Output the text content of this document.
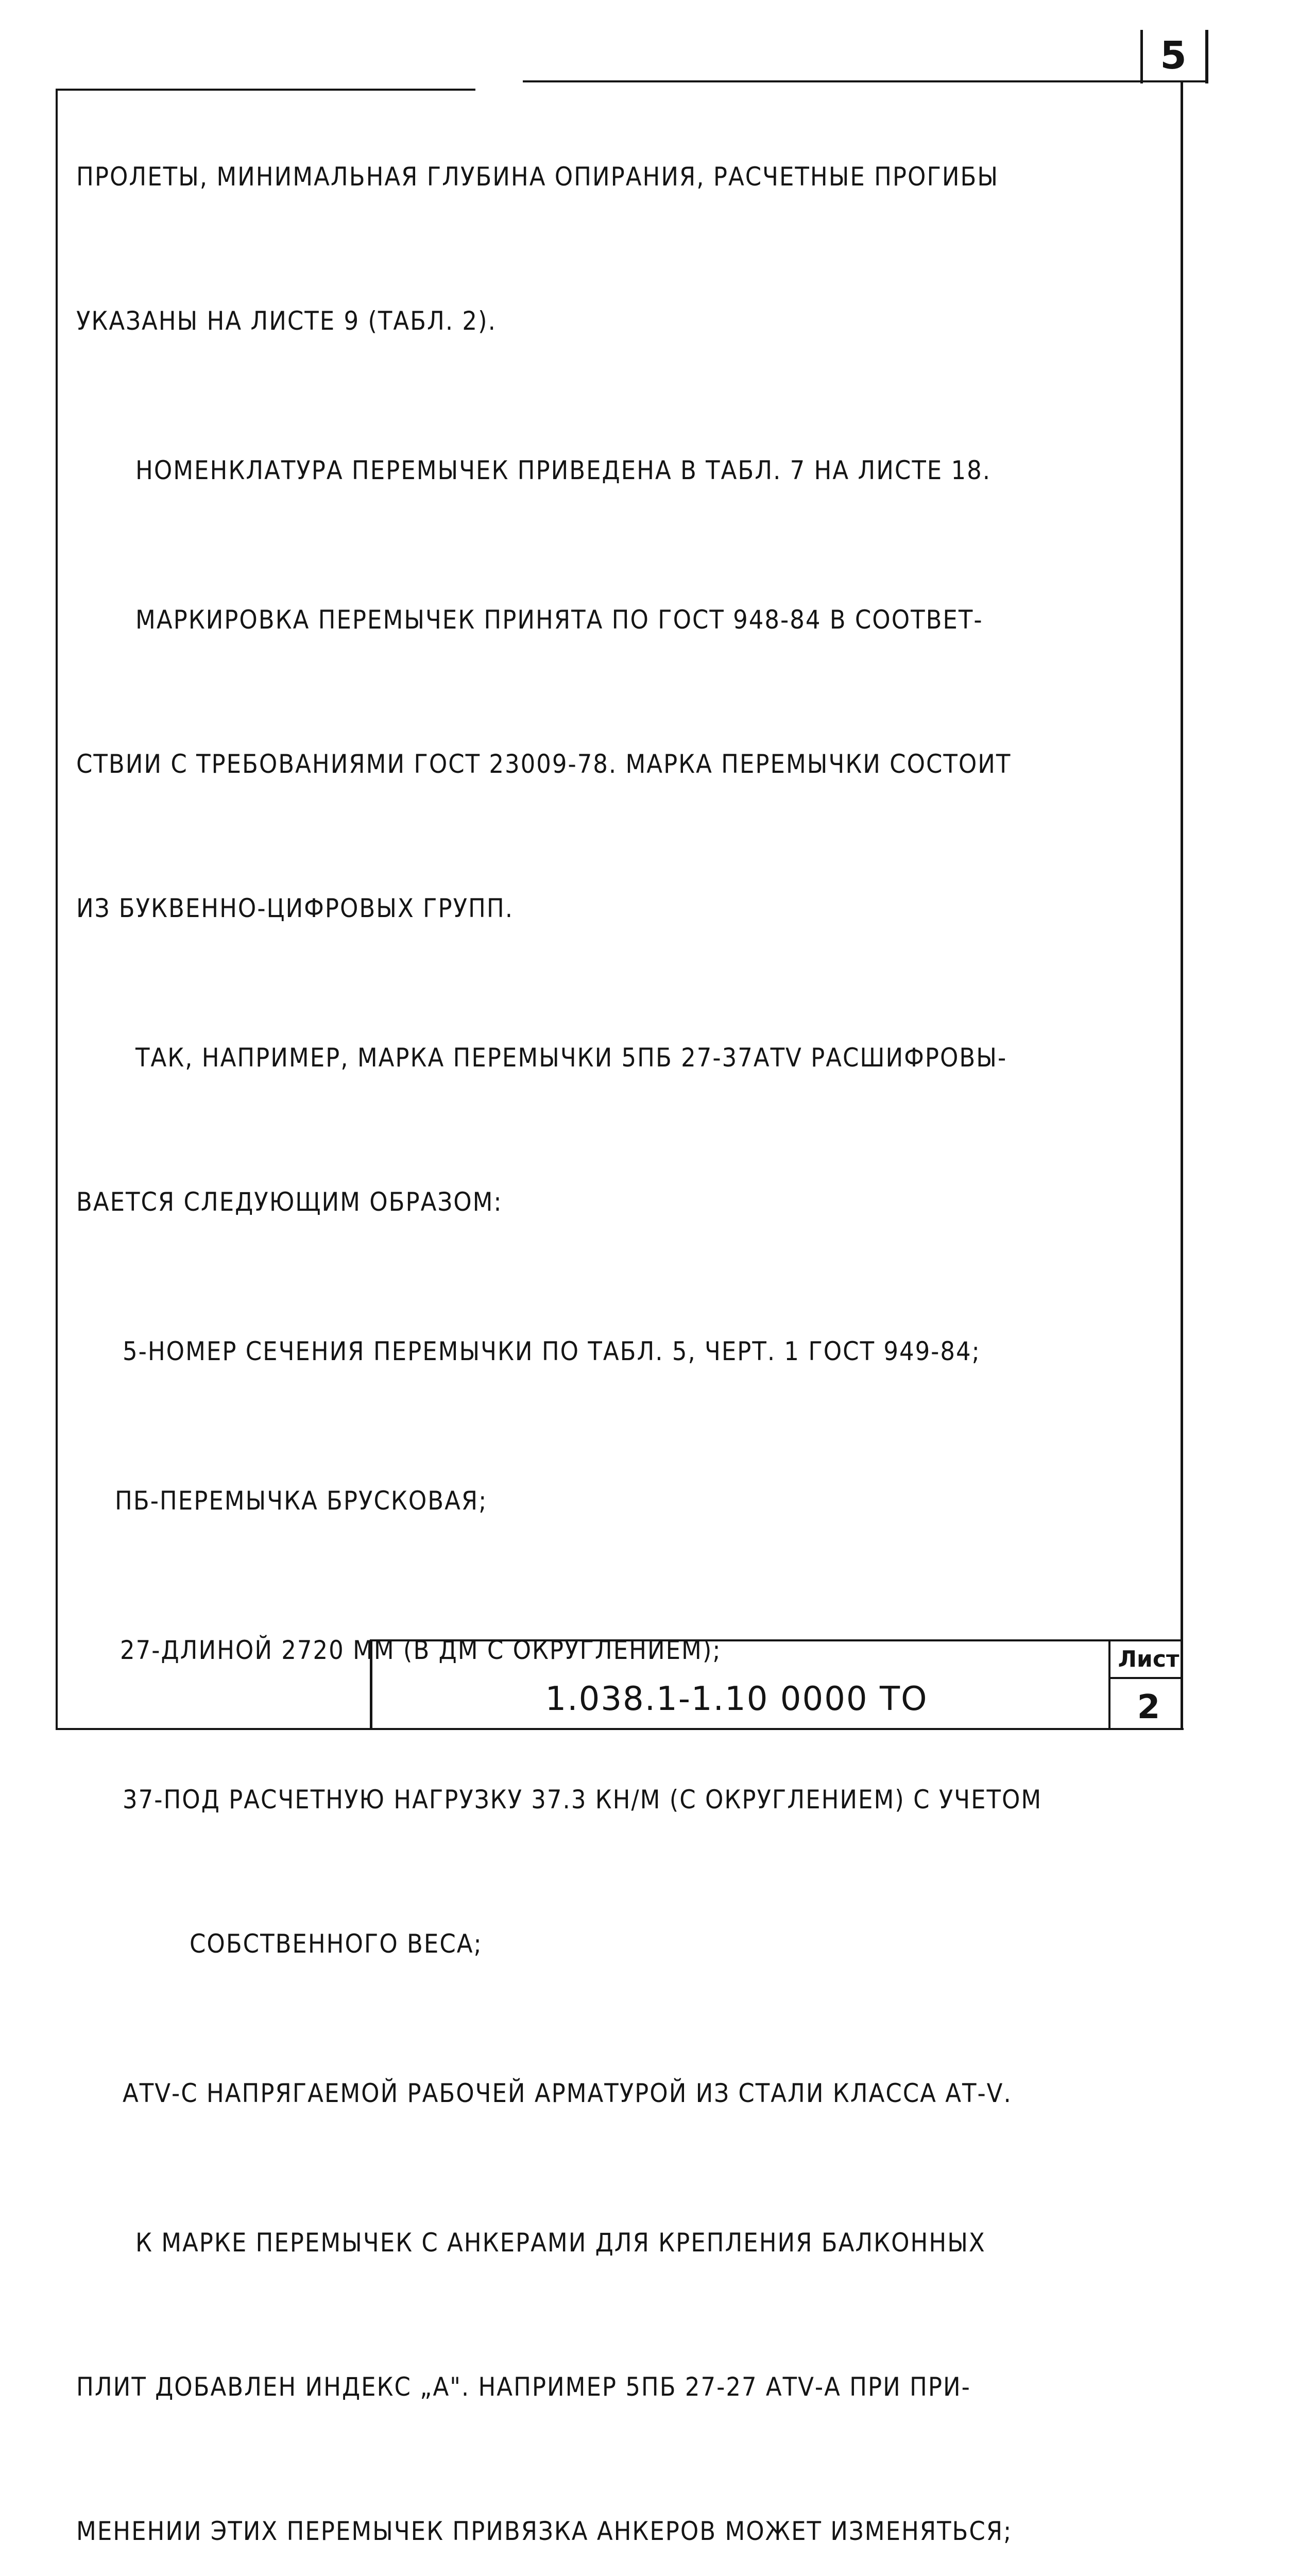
5
1.038.1-1.10 0000 ТО
Лист
2

ПРОЛЕТЫ, МИНИМАЛЬНАЯ ГЛУБИНА ОПИРАНИЯ, РАСЧЕТНЫЕ ПРОГИБЫ

УКАЗАНЫ НА ЛИСТЕ 9 (ТАБЛ. 2).

НОМЕНКЛАТУРА ПЕРЕМЫЧЕК ПРИВЕДЕНА В ТАБЛ. 7 НА ЛИСТЕ 18.

МАРКИРОВКА ПЕРЕМЫЧЕК ПРИНЯТА ПО ГОСТ 948-84 В СООТВЕТ-

СТВИИ С ТРЕБОВАНИЯМИ ГОСТ 23009-78. МАРКА ПЕРЕМЫЧКИ СОСТОИТ

ИЗ БУКВЕННО-ЦИФРОВЫХ ГРУПП.

ТАК, НАПРИМЕР, МАРКА ПЕРЕМЫЧКИ 5ПБ 27-37АТⅤ РАСШИФРОВЫ-

ВАЕТСЯ СЛЕДУЮЩИМ ОБРАЗОМ:

5-НОМЕР СЕЧЕНИЯ ПЕРЕМЫЧКИ ПО ТАБЛ. 5, ЧЕРТ. 1 ГОСТ 949-84;

ПБ-ПЕРЕМЫЧКА БРУСКОВАЯ;

27-ДЛИНОЙ 2720 ММ (В ДМ С ОКРУГЛЕНИЕМ);

37-ПОД РАСЧЕТНУЮ НАГРУЗКУ 37.3 КН/М (С ОКРУГЛЕНИЕМ) С УЧЕТОМ

СОБСТВЕННОГО ВЕСА;

АТⅤ-С НАПРЯГАЕМОЙ РАБОЧЕЙ АРМАТУРОЙ ИЗ СТАЛИ КЛАССА АТ-Ⅴ.

К МАРКЕ ПЕРЕМЫЧЕК С АНКЕРАМИ ДЛЯ КРЕПЛЕНИЯ БАЛКОННЫХ

ПЛИТ ДОБАВЛЕН ИНДЕКС „А". НАПРИМЕР 5ПБ 27-27 АТⅤ-А ПРИ ПРИ-

МЕНЕНИИ ЭТИХ ПЕРЕМЫЧЕК ПРИВЯЗКА АНКЕРОВ МОЖЕТ ИЗМЕНЯТЬСЯ;
